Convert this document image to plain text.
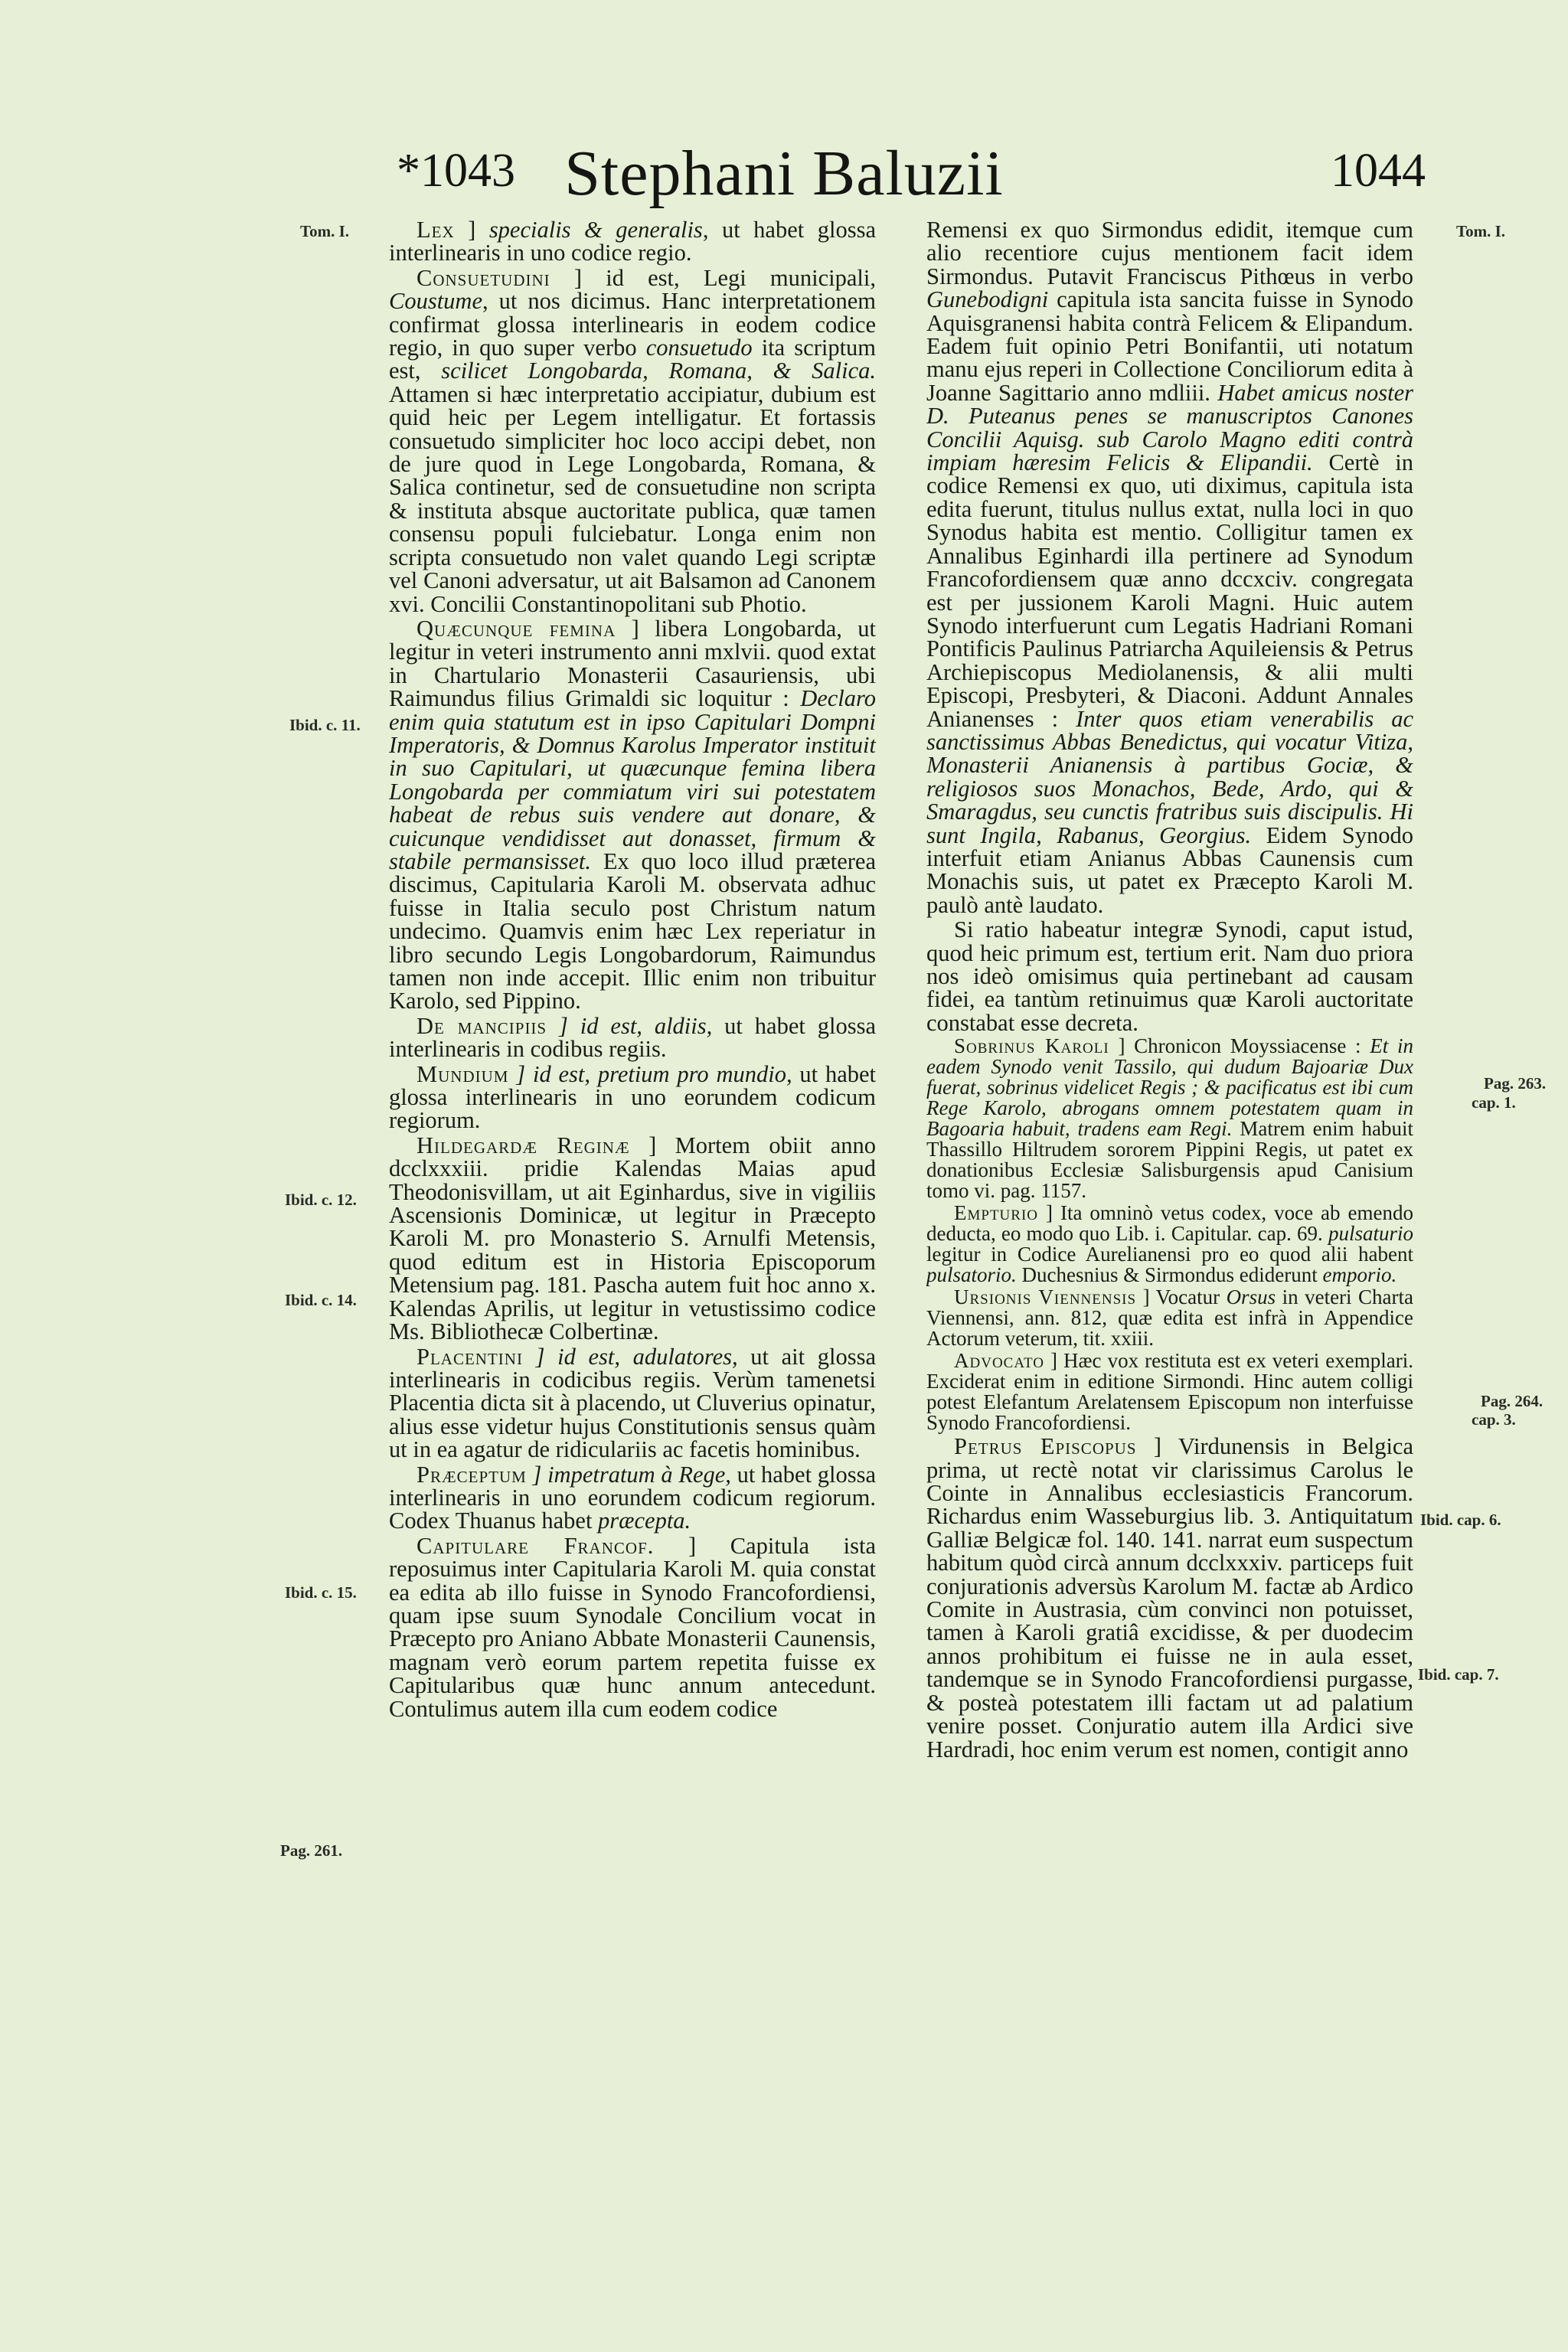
*1043 Stephani Baluzii	1044
Tom. I.
Ibid. c. 11.
Ibid. c. 12.
Ibid. c. 14.
Ibid. c. 15.
Pag. 261.
Tom. I.
Pag. 263.
cap. 1.
Pag. 264.
cap. 3.
Ibid. cap. 6.
Ibid. cap. 7.

Lex ] specialis & generalis, ut habet glossa interlinearis in uno codice regio.

Consuetudini ] id est, Legi municipali, Coustume, ut nos dicimus. Hanc interpretationem confirmat glossa interlinearis in eodem codice regio, in quo super verbo consuetudo ita scriptum est, scilicet Longobarda, Romana, & Salica. Attamen si hæc interpretatio accipiatur, dubium est quid heic per Legem intelligatur. Et fortassis consuetudo simpliciter hoc loco accipi debet, non de jure quod in Lege Longobarda, Romana, & Salica continetur, sed de consuetudine non scripta & instituta absque auctoritate publica, quæ tamen consensu populi fulciebatur. Longa enim non scripta consuetudo non valet quando Legi scriptæ vel Canoni adversatur, ut ait Balsamon ad Canonem xvi. Concilii Constantinopolitani sub Photio.

Quæcunque femina ] libera Longobarda, ut legitur in veteri instrumento anni mxlvii. quod extat in Chartulario Monasterii Casauriensis, ubi Raimundus filius Grimaldi sic loquitur : Declaro enim quia statutum est in ipso Capitulari Dompni Imperatoris, & Domnus Karolus Imperator instituit in suo Capitulari, ut quæcunque femina libera Longobarda per commiatum viri sui potestatem habeat de rebus suis vendere aut donare, & cuicunque vendidisset aut donasset, firmum & stabile permansisset. Ex quo loco illud præterea discimus, Capitularia Karoli M. observata adhuc fuisse in Italia seculo post Christum natum undecimo. Quamvis enim hæc Lex reperiatur in libro secundo Legis Longobardorum, Raimundus tamen non inde accepit. Illic enim non tribuitur Karolo, sed Pippino.

De mancipiis ] id est, aldiis, ut habet glossa interlinearis in codibus regiis.

Mundium ] id est, pretium pro mundio, ut habet glossa interlinearis in uno eorundem codicum regiorum.

Hildegardæ Reginæ ] Mortem obiit anno dcclxxxiii. pridie Kalendas Maias apud Theodonisvillam, ut ait Eginhardus, sive in vigiliis Ascensionis Dominicæ, ut legitur in Præcepto Karoli M. pro Monasterio S. Arnulfi Metensis, quod editum est in Historia Episcoporum Metensium pag. 181. Pascha autem fuit hoc anno x. Kalendas Aprilis, ut legitur in vetustissimo codice Ms. Bibliothecæ Colbertinæ.

Placentini ] id est, adulatores, ut ait glossa interlinearis in codicibus regiis. Verùm tamenetsi Placentia dicta sit à placendo, ut Cluverius opinatur, alius esse videtur hujus Constitutionis sensus quàm ut in ea agatur de ridiculariis ac facetis hominibus.

Præceptum ] impetratum à Rege, ut habet glossa interlinearis in uno eorundem codicum regiorum. Codex Thuanus habet præcepta.

Capitulare Francof. ] Capitula ista reposuimus inter Capitularia Karoli M. quia constat ea edita ab illo fuisse in Synodo Francofordiensi, quam ipse suum Synodale Concilium vocat in Præcepto pro Aniano Abbate Monasterii Caunensis, magnam verò eorum partem repetita fuisse ex Capitularibus quæ hunc annum antecedunt. Contulimus autem illa cum eodem codice

Remensi ex quo Sirmondus edidit, itemque cum alio recentiore cujus mentionem facit idem Sirmondus. Putavit Franciscus Pithœus in verbo Gunebodigni capitula ista sancita fuisse in Synodo Aquisgranensi habita contrà Felicem & Elipandum. Eadem fuit opinio Petri Bonifantii, uti notatum manu ejus reperi in Collectione Conciliorum edita à Joanne Sagittario anno mdliii. Habet amicus noster D. Puteanus penes se manuscriptos Canones Concilii Aquisg. sub Carolo Magno editi contrà impiam hæresim Felicis & Elipandii. Certè in codice Remensi ex quo, uti diximus, capitula ista edita fuerunt, titulus nullus extat, nulla loci in quo Synodus habita est mentio. Colligitur tamen ex Annalibus Eginhardi illa pertinere ad Synodum Francofordiensem quæ anno dccxciv. congregata est per jussionem Karoli Magni. Huic autem Synodo interfuerunt cum Legatis Hadriani Romani Pontificis Paulinus Patriarcha Aquileiensis & Petrus Archiepiscopus Mediolanensis, & alii multi Episcopi, Presbyteri, & Diaconi. Addunt Annales Anianenses : Inter quos etiam venerabilis ac sanctissimus Abbas Benedictus, qui vocatur Vitiza, Monasterii Anianensis à partibus Gociæ, & religiosos suos Monachos, Bede, Ardo, qui & Smaragdus, seu cunctis fratribus suis discipulis. Hi sunt Ingila, Rabanus, Georgius. Eidem Synodo interfuit etiam Anianus Abbas Caunensis cum Monachis suis, ut patet ex Præcepto Karoli M. paulò antè laudato.

Si ratio habeatur integræ Synodi, caput istud, quod heic primum est, tertium erit. Nam duo priora nos ideò omisimus quia pertinebant ad causam fidei, ea tantùm retinuimus quæ Karoli auctoritate constabat esse decreta.

Sobrinus Karoli ] Chronicon Moyssiacense : Et in eadem Synodo venit Tassilo, qui dudum Bajoariæ Dux fuerat, sobrinus videlicet Regis ; & pacificatus est ibi cum Rege Karolo, abrogans omnem potestatem quam in Bagoaria habuit, tradens eam Regi. Matrem enim habuit Thassillo Hiltrudem sororem Pippini Regis, ut patet ex donationibus Ecclesiæ Salisburgensis apud Canisium tomo vi. pag. 1157.

Empturio ] Ita omninò vetus codex, voce ab emendo deducta, eo modo quo Lib. i. Capitular. cap. 69. pulsaturio legitur in Codice Aurelianensi pro eo quod alii habent pulsatorio. Duchesnius & Sirmondus ediderunt emporio.

Ursionis Viennensis ] Vocatur Orsus in veteri Charta Viennensi, ann. 812, quæ edita est infrà in Appendice Actorum veterum, tit. xxiii.

Advocato ] Hæc vox restituta est ex veteri exemplari. Exciderat enim in editione Sirmondi. Hinc autem colligi potest Elefantum Arelatensem Episcopum non interfuisse Synodo Francofordiensi.

Petrus Episcopus ] Virdunensis in Belgica prima, ut rectè notat vir clarissimus Carolus le Cointe in Annalibus ecclesiasticis Francorum. Richardus enim Wasseburgius lib. 3. Antiquitatum Galliæ Belgicæ fol. 140. 141. narrat eum suspectum habitum quòd circà annum dcclxxxiv. particeps fuit conjurationis adversùs Karolum M. factæ ab Ardico Comite in Austrasia, cùm convinci non potuisset, tamen à Karoli gratiâ excidisse, & per duodecim annos prohibitum ei fuisse ne in aula esset, tandemque se in Synodo Francofordiensi purgasse, & posteà potestatem illi factam ut ad palatium venire posset. Conjuratio autem illa Ardici sive Hardradi, hoc enim verum est nomen, contigit anno
